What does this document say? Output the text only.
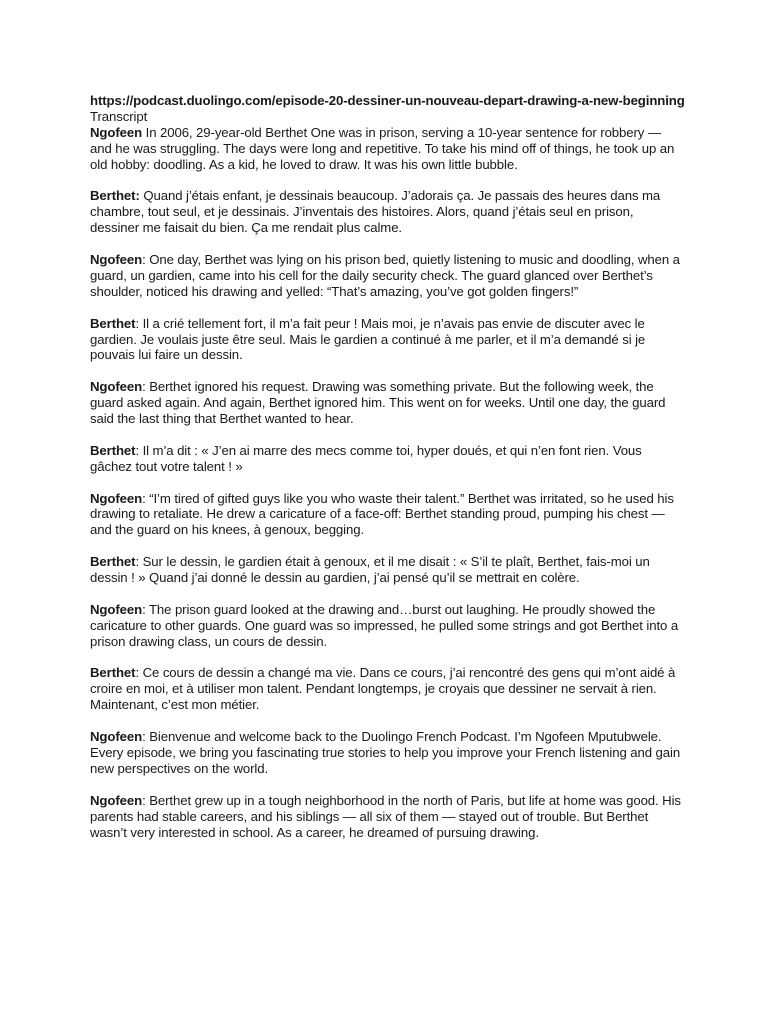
https://podcast.duolingo.com/episode-20-dessiner-un-nouveau-depart-drawing-a-new-beginning
Transcript

Ngofeen In 2006, 29-year-old Berthet One was in prison, serving a 10-year sentence for robbery — and he was struggling. The days were long and repetitive. To take his mind off of things, he took up an old hobby: doodling. As a kid, he loved to draw. It was his own little bubble.

Berthet: Quand j’étais enfant, je dessinais beaucoup. J’adorais ça. Je passais des heures dans ma chambre, tout seul, et je dessinais. J’inventais des histoires. Alors, quand j’étais seul en prison, dessiner me faisait du bien. Ça me rendait plus calme.

Ngofeen: One day, Berthet was lying on his prison bed, quietly listening to music and doodling, when a guard, un gardien, came into his cell for the daily security check. The guard glanced over Berthet’s shoulder, noticed his drawing and yelled: “That’s amazing, you’ve got golden fingers!”

Berthet: Il a crié tellement fort, il m’a fait peur ! Mais moi, je n’avais pas envie de discuter avec le gardien. Je voulais juste être seul. Mais le gardien a continué à me parler, et il m’a demandé si je pouvais lui faire un dessin.

Ngofeen: Berthet ignored his request. Drawing was something private. But the following week, the guard asked again. And again, Berthet ignored him. This went on for weeks. Until one day, the guard said the last thing that Berthet wanted to hear.

Berthet: Il m’a dit : « J’en ai marre des mecs comme toi, hyper doués, et qui n’en font rien. Vous gâchez tout votre talent ! »

Ngofeen: “I’m tired of gifted guys like you who waste their talent.” Berthet was irritated, so he used his drawing to retaliate. He drew a caricature of a face-off: Berthet standing proud, pumping his chest — and the guard on his knees, à genoux, begging.

Berthet: Sur le dessin, le gardien était à genoux, et il me disait : « S’il te plaît, Berthet, fais-moi un dessin ! » Quand j’ai donné le dessin au gardien, j’ai pensé qu’il se mettrait en colère.

Ngofeen: The prison guard looked at the drawing and…burst out laughing. He proudly showed the caricature to other guards. One guard was so impressed, he pulled some strings and got Berthet into a prison drawing class, un cours de dessin.

Berthet: Ce cours de dessin a changé ma vie. Dans ce cours, j’ai rencontré des gens qui m’ont aidé à croire en moi, et à utiliser mon talent. Pendant longtemps, je croyais que dessiner ne servait à rien. Maintenant, c’est mon métier.

Ngofeen: Bienvenue and welcome back to the Duolingo French Podcast. I’m Ngofeen Mputubwele. Every episode, we bring you fascinating true stories to help you improve your French listening and gain new perspectives on the world.

Ngofeen: Berthet grew up in a tough neighborhood in the north of Paris, but life at home was good. His parents had stable careers, and his siblings — all six of them — stayed out of trouble. But Berthet wasn’t very interested in school. As a career, he dreamed of pursuing drawing.
